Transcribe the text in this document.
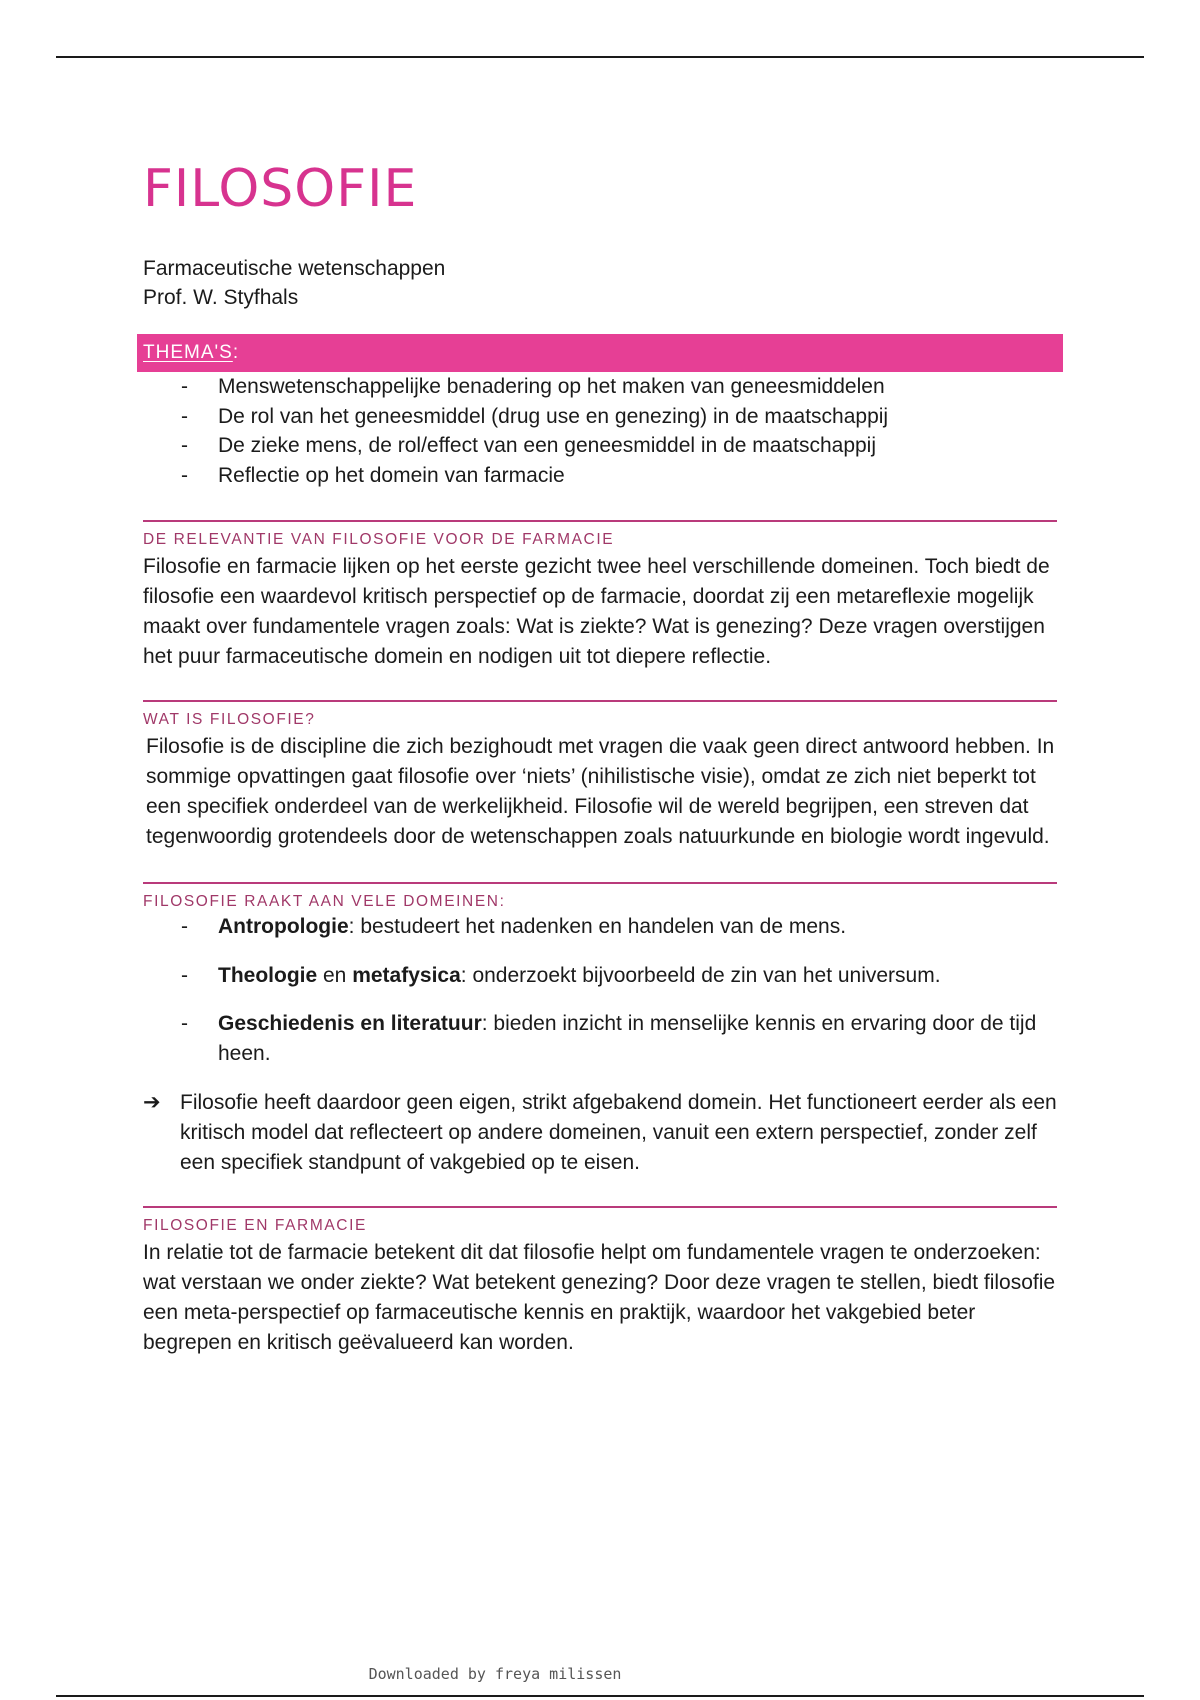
FILOSOFIE
Farmaceutische wetenschappen
Prof. W. Styfhals
THEMA'S :
- Menswetenschappelijke benadering op het maken van geneesmiddelen
- De rol van het geneesmiddel (drug use en genezing) in de maatschappij
- De zieke mens, de rol/effect van een geneesmiddel in de maatschappij
- Reflectie op het domein van farmacie
DE RELEVANTIE VAN FILOSOFIE VOOR DE FARMACIE
Filosofie en farmacie lijken op het eerste gezicht twee heel verschillende domeinen. Toch biedt de filosofie een waardevol kritisch perspectief op de farmacie, doordat zij een metareflexie mogelijk maakt over fundamentele vragen zoals: Wat is ziekte? Wat is genezing? Deze vragen overstijgen het puur farmaceutische domein en nodigen uit tot diepere reflectie.
WAT IS FILOSOFIE?
Filosofie is de discipline die zich bezighoudt met vragen die vaak geen direct antwoord hebben. In sommige opvattingen gaat filosofie over ‘niets’ (nihilistische visie), omdat ze zich niet beperkt tot een specifiek onderdeel van de werkelijkheid. Filosofie wil de wereld begrijpen, een streven dat tegenwoordig grotendeels door de wetenschappen zoals natuurkunde en biologie wordt ingevuld.
FILOSOFIE RAAKT AAN VELE DOMEINEN:
- Antropologie: bestudeert het nadenken en handelen van de mens.
- Theologie en metafysica: onderzoekt bijvoorbeeld de zin van het universum.
- Geschiedenis en literatuur: bieden inzicht in menselijke kennis en ervaring door de tijd heen.
➔ Filosofie heeft daardoor geen eigen, strikt afgebakend domein. Het functioneert eerder als een kritisch model dat reflecteert op andere domeinen, vanuit een extern perspectief, zonder zelf een specifiek standpunt of vakgebied op te eisen.
FILOSOFIE EN FARMACIE
In relatie tot de farmacie betekent dit dat filosofie helpt om fundamentele vragen te onderzoeken: wat verstaan we onder ziekte? Wat betekent genezing? Door deze vragen te stellen, biedt filosofie een meta-perspectief op farmaceutische kennis en praktijk, waardoor het vakgebied beter begrepen en kritisch geëvalueerd kan worden.
Downloaded by freya milissen
